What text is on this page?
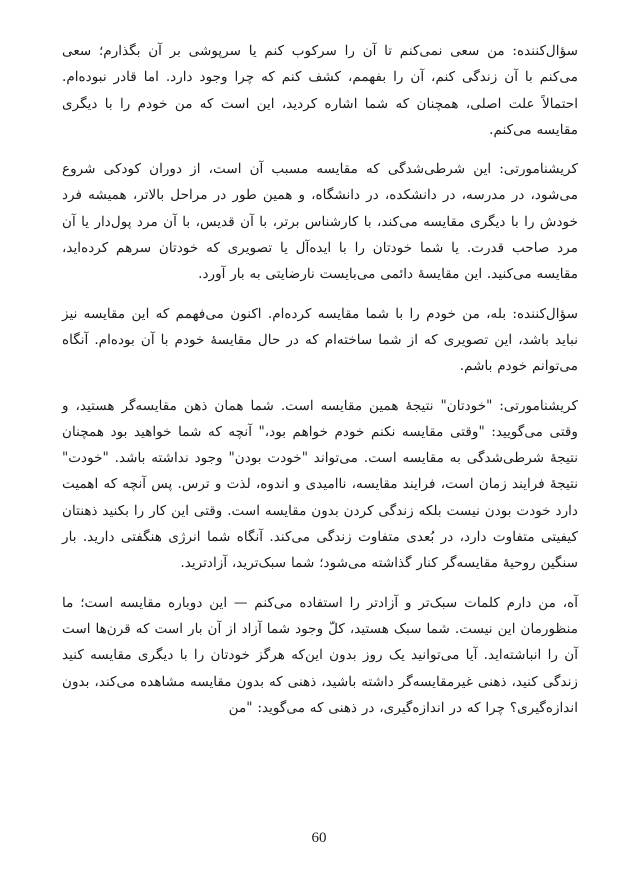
سؤال‌کننده: من سعی نمی‌کنم تا آن را سرکوب کنم یا سرپوشی بر آن بگذارم؛ سعی می‌کنم با آن زندگی کنم، آن را بفهمم، کشف کنم که چرا وجود دارد. اما قادر نبوده‌ام. احتمالاً علت اصلی، همچنان که شما اشاره کردید، این است که من خودم را با دیگری مقایسه می‌کنم.

کریشنامورتی: این شرطی‌شدگی که مقایسه مسبب آن است، از دوران کودکی شروع می‌شود، در مدرسه، در دانشکده، در دانشگاه، و همین طور در مراحل بالاتر، همیشه فرد خودش را با دیگری مقایسه می‌کند، با کارشناس برتر، با آن قدیس، با آن مرد پول‌دار یا آن مرد صاحب قدرت. یا شما خودتان را با ایده‌آل یا تصویری که خودتان سرهم کرده‌اید، مقایسه می‌کنید. این مقایسهٔ دائمی می‌بایست نارضایتی به بار آورد.

سؤال‌کننده: بله، من خودم را با شما مقایسه کرده‌ام. اکنون می‌فهمم که این مقایسه نیز نباید باشد، این تصویری که از شما ساخته‌ام که در حال مقایسهٔ خودم با آن بوده‌ام. آنگاه می‌توانم خودم باشم.

کریشنامورتی: "خودتان" نتیجهٔ همین مقایسه است. شما همان ذهن مقایسه‌گر هستید، و وقتی می‌گویید: "وقتی مقایسه نکنم خودم خواهم بود،" آنچه که شما خواهید بود همچنان نتیجهٔ شرطی‌شدگی به مقایسه است. می‌تواند "خودت بودن" وجود نداشته باشد. "خودت" نتیجهٔ فرایند زمان است، فرایند مقایسه، ناامیدی و اندوه، لذت و ترس. پس آنچه که اهمیت دارد خودت بودن نیست بلکه زندگی کردن بدون مقایسه است. وقتی این کار را بکنید ذهنتان کیفیتی متفاوت دارد، در بُعدی متفاوت زندگی می‌کند. آنگاه شما انرژی هنگفتی دارید. بار سنگین روحیهٔ مقایسه‌گر کنار گذاشته می‌شود؛ شما سبک‌ترید، آزادترید.

آه، من دارم کلمات سبک‌تر و آزادتر را استفاده می‌کنم — این دوباره مقایسه است؛ ما منظورمان این نیست. شما سبک هستید، کلّ وجود شما آزاد از آن بار است که قرن‌ها است آن را انباشته‌اید. آیا می‌توانید یک روز بدون این‌که هرگز خودتان را با دیگری مقایسه کنید زندگی کنید، ذهنی غیرمقایسه‌گر داشته باشید، ذهنی که بدون مقایسه مشاهده می‌کند، بدون اندازه‌گیری؟ چرا که در اندازه‌گیری، در ذهنی که می‌گوید: "من

60
